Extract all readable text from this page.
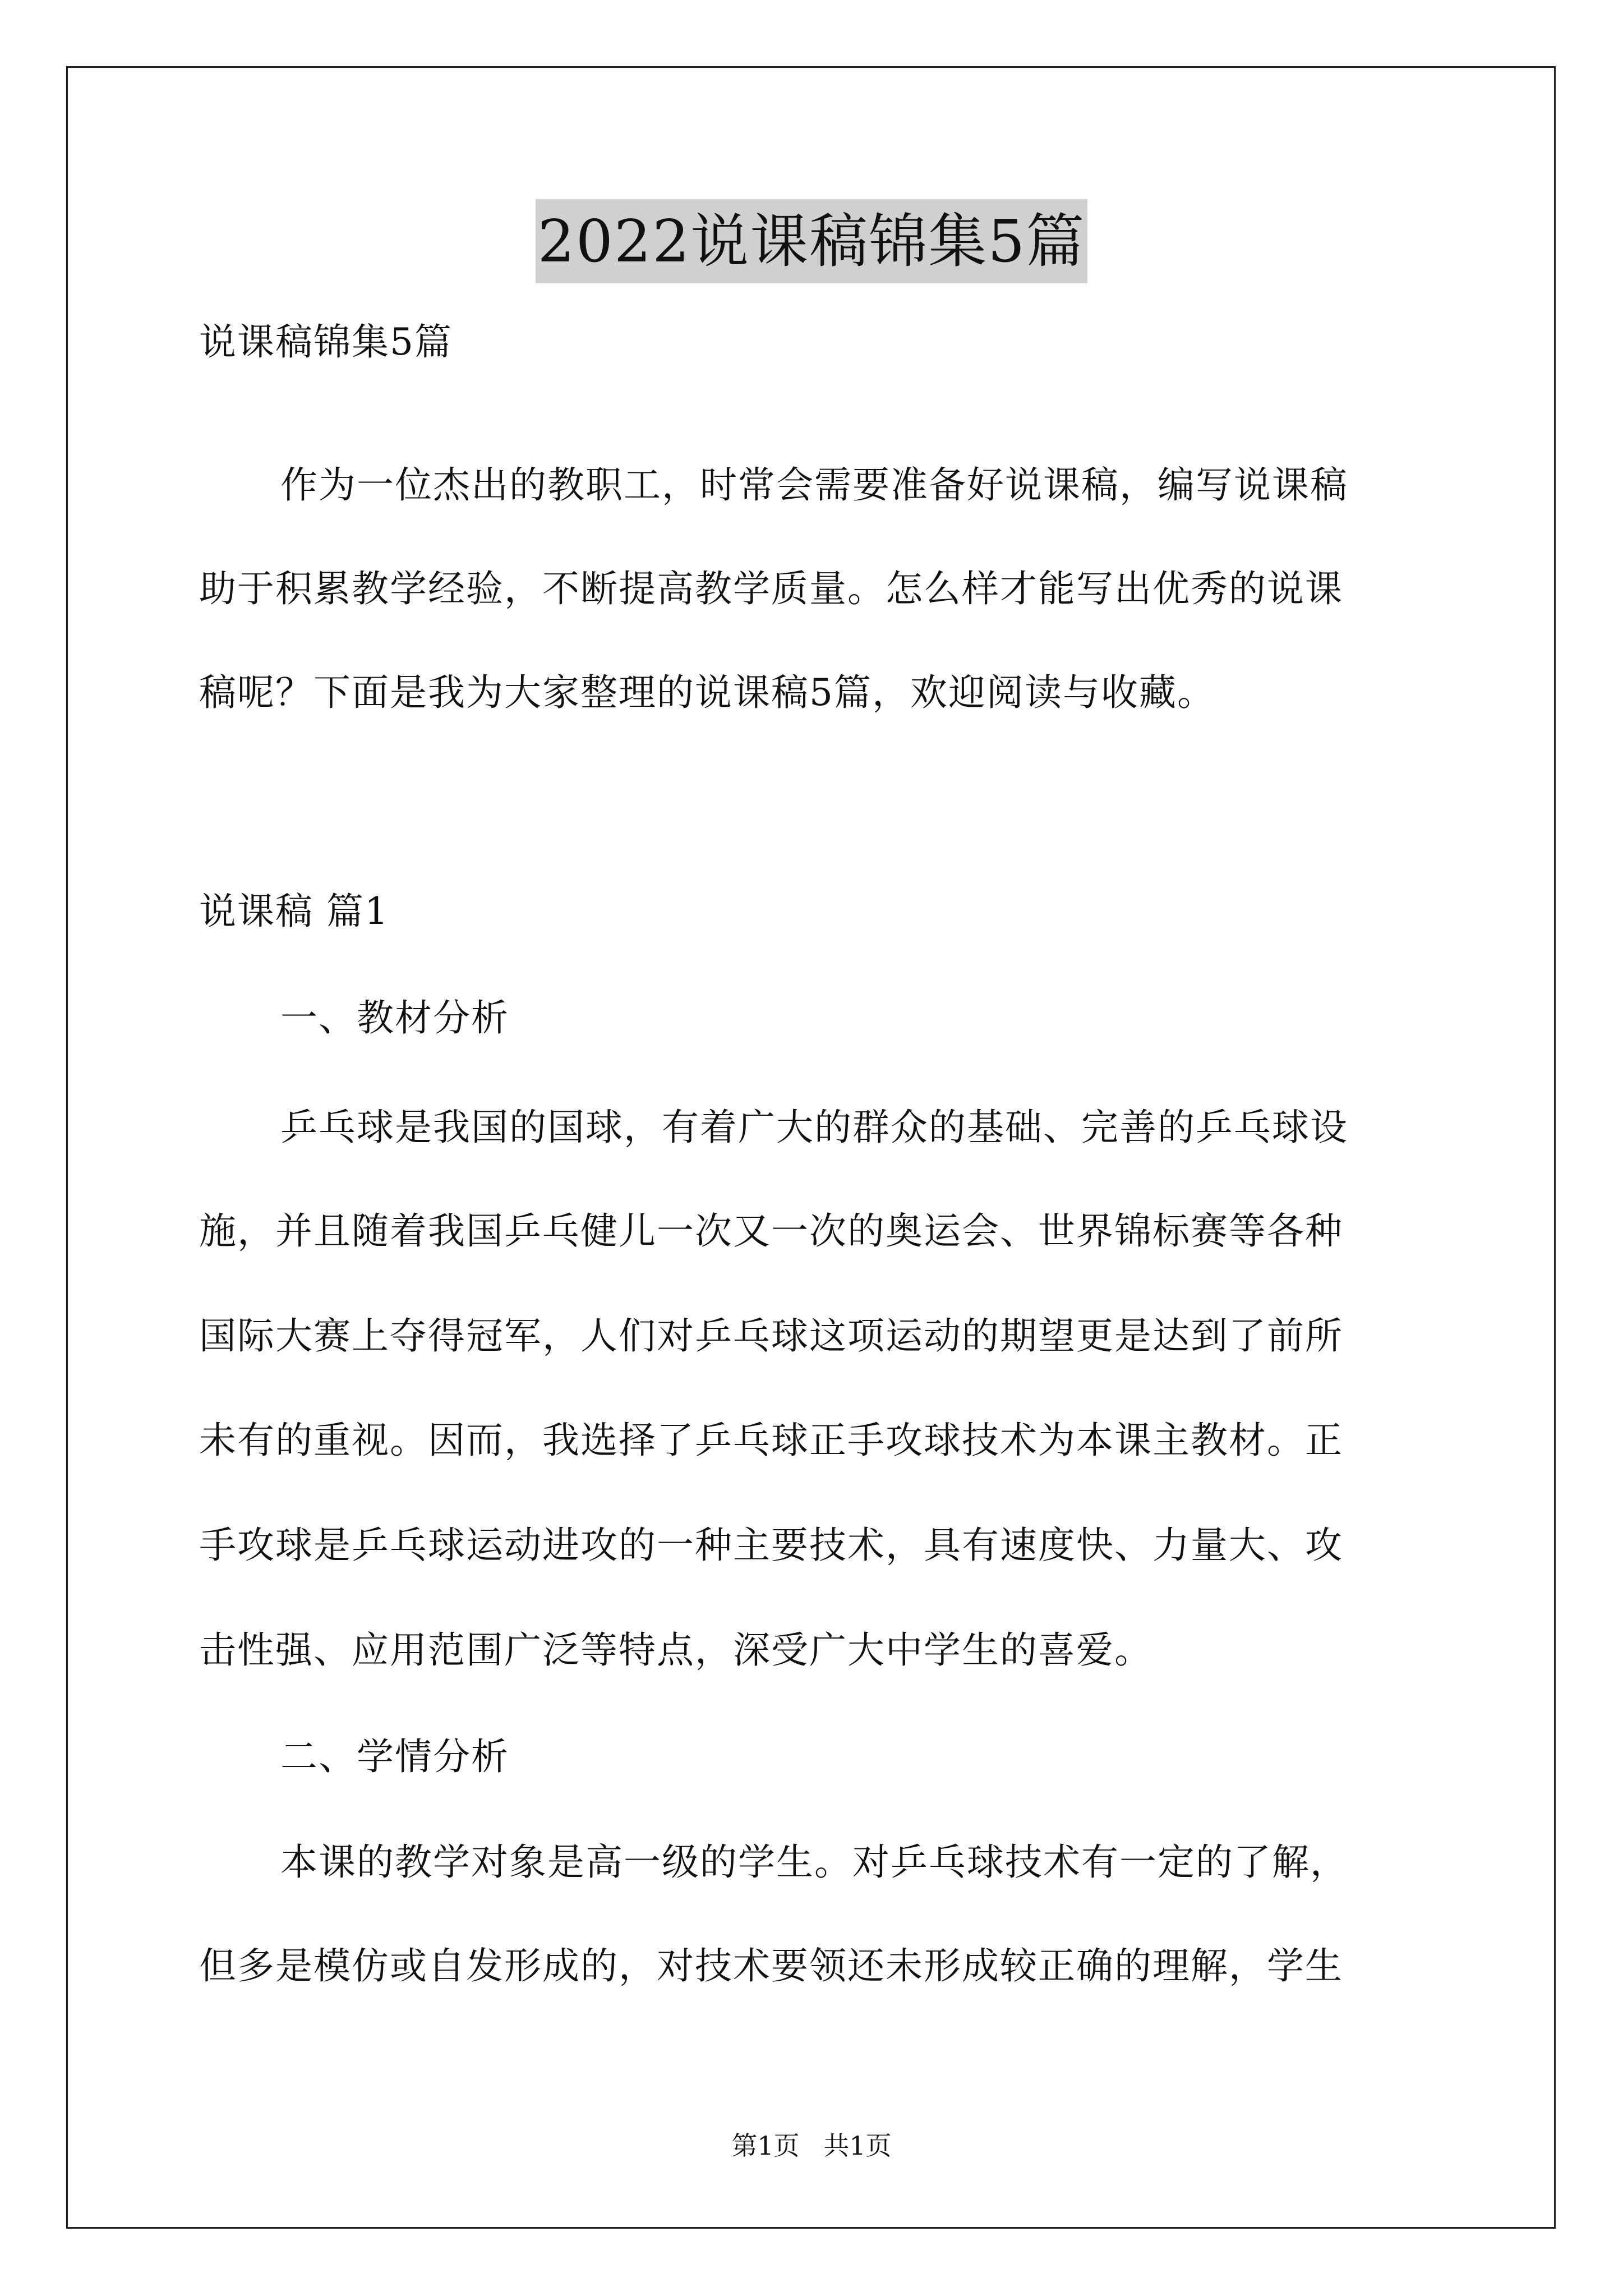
2022说课稿锦集5篇
说课稿锦集5篇
作为一位杰出的教职工，时常会需要准备好说课稿，编写说课稿
助于积累教学经验，不断提高教学质量。怎么样才能写出优秀的说课
稿呢？下面是我为大家整理的说课稿5篇，欢迎阅读与收藏。
说课稿 篇1
一、教材分析
乒乓球是我国的国球，有着广大的群众的基础、完善的乒乓球设
施，并且随着我国乒乓健儿一次又一次的奥运会、世界锦标赛等各种
国际大赛上夺得冠军，人们对乒乓球这项运动的期望更是达到了前所
未有的重视。因而，我选择了乒乓球正手攻球技术为本课主教材。正
手攻球是乒乓球运动进攻的一种主要技术，具有速度快、力量大、攻
击性强、应用范围广泛等特点，深受广大中学生的喜爱。
二、学情分析
本课的教学对象是高一级的学生。对乒乓球技术有一定的了解，
但多是模仿或自发形成的，对技术要领还未形成较正确的理解，学生
第1页 共1页
